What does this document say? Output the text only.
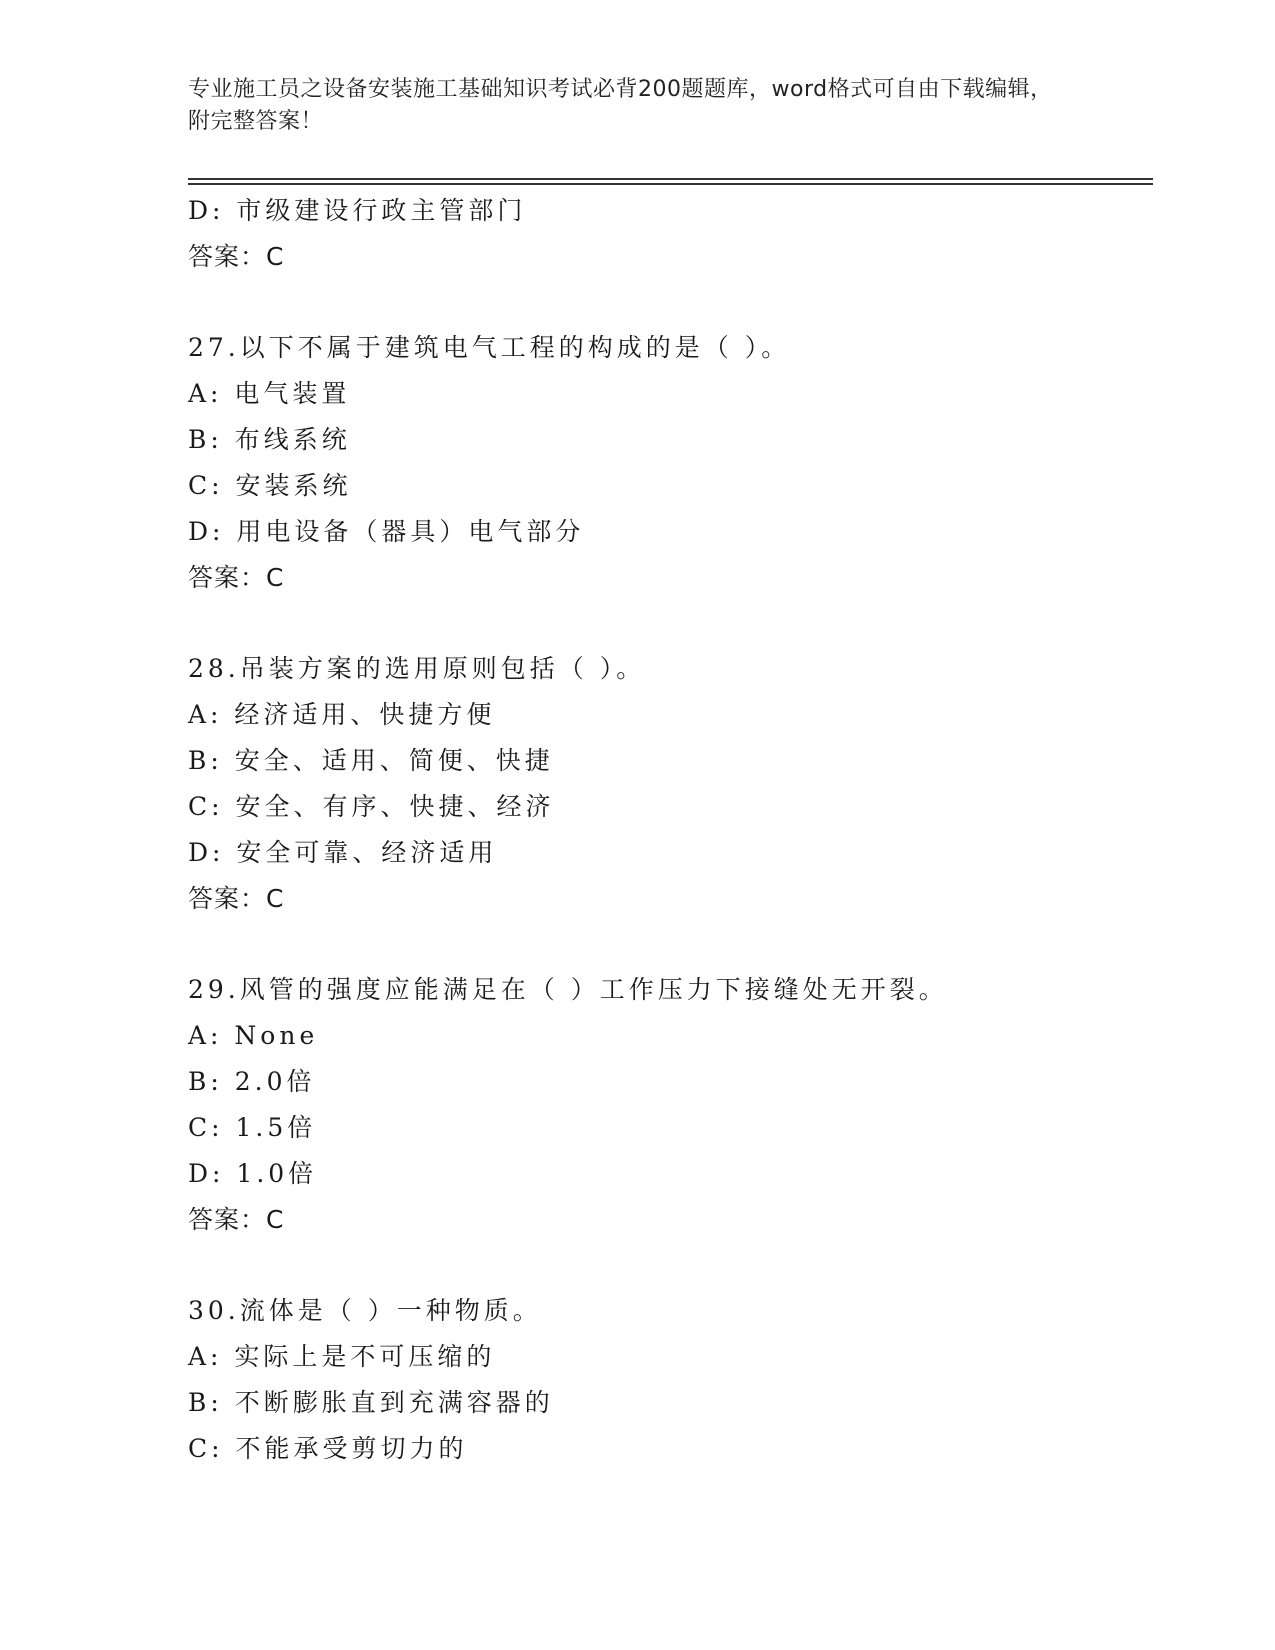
专业施工员之设备安装施工基础知识考试必背200题题库，word格式可自由下载编辑，附完整答案！
D: 市级建设行政主管部门
答案：C
27.以下不属于建筑电气工程的构成的是（ ）。
A: 电气装置
B: 布线系统
C: 安装系统
D: 用电设备（器具）电气部分
答案：C
28.吊装方案的选用原则包括（ ）。
A: 经济适用、快捷方便
B: 安全、适用、简便、快捷
C: 安全、有序、快捷、经济
D: 安全可靠、经济适用
答案：C
29.风管的强度应能满足在（ ）工作压力下接缝处无开裂。
A: None
B: 2.0倍
C: 1.5倍
D: 1.0倍
答案：C
30.流体是（ ）一种物质。
A: 实际上是不可压缩的
B: 不断膨胀直到充满容器的
C: 不能承受剪切力的
